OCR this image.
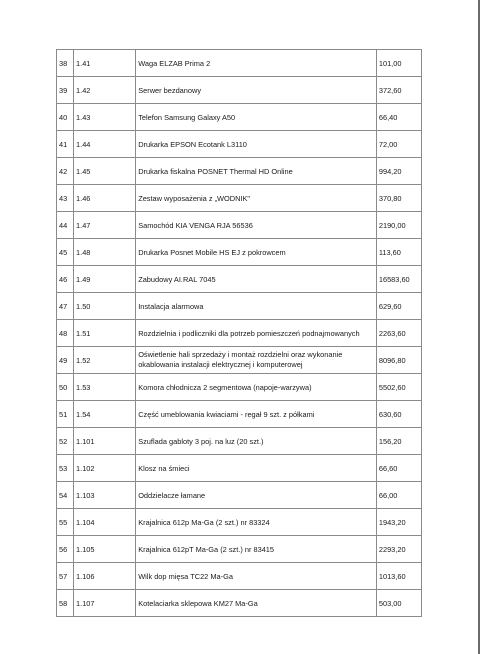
38	1.41	Waga ELZAB Prima 2	101,00
39	1.42	Serwer bezdanowy	372,60
40	1.43	Telefon Samsung Galaxy A50	66,40
41	1.44	Drukarka EPSON Ecotank L3110	72,00
42	1.45	Drukarka fiskalna POSNET Thermal HD Online	994,20
43	1.46	Zestaw wyposażenia z „WODNIK"	370,80
44	1.47	Samochód KIA VENGA RJA 56536	2190,00
45	1.48	Drukarka Posnet Mobile HS EJ z pokrowcem	113,60
46	1.49	Zabudowy AI.RAL 7045	16583,60
47	1.50	Instalacja alarmowa	629,60
48	1.51	Rozdzielnia i podliczniki dla potrzeb pomieszczeń podnajmowanych	2263,60
49	1.52	Oświetlenie hali sprzedaży i montaż rozdzielni oraz wykonanie okablowania instalacji elektrycznej i komputerowej	8096,80
50	1.53	Komora chłodnicza 2 segmentowa (napoje-warzywa)	5502,60
51	1.54	Część umeblowania kwiaciami - regał 9 szt. z półkami	630,60
52	1.101	Szuflada gabloty 3 poj. na luz (20 szt.)	156,20
53	1.102	Klosz na śmieci	66,60
54	1.103	Oddzielacze łamane	66,00
55	1.104	Krajalnica 612p Ma-Ga (2 szt.) nr 83324	1943,20
56	1.105	Krajalnica 612pT Ma-Ga (2 szt.) nr 83415	2293,20
57	1.106	Wilk dop mięsa TC22 Ma-Ga	1013,60
58	1.107	Kotelaciarka sklepowa KM27 Ma-Ga	503,00
